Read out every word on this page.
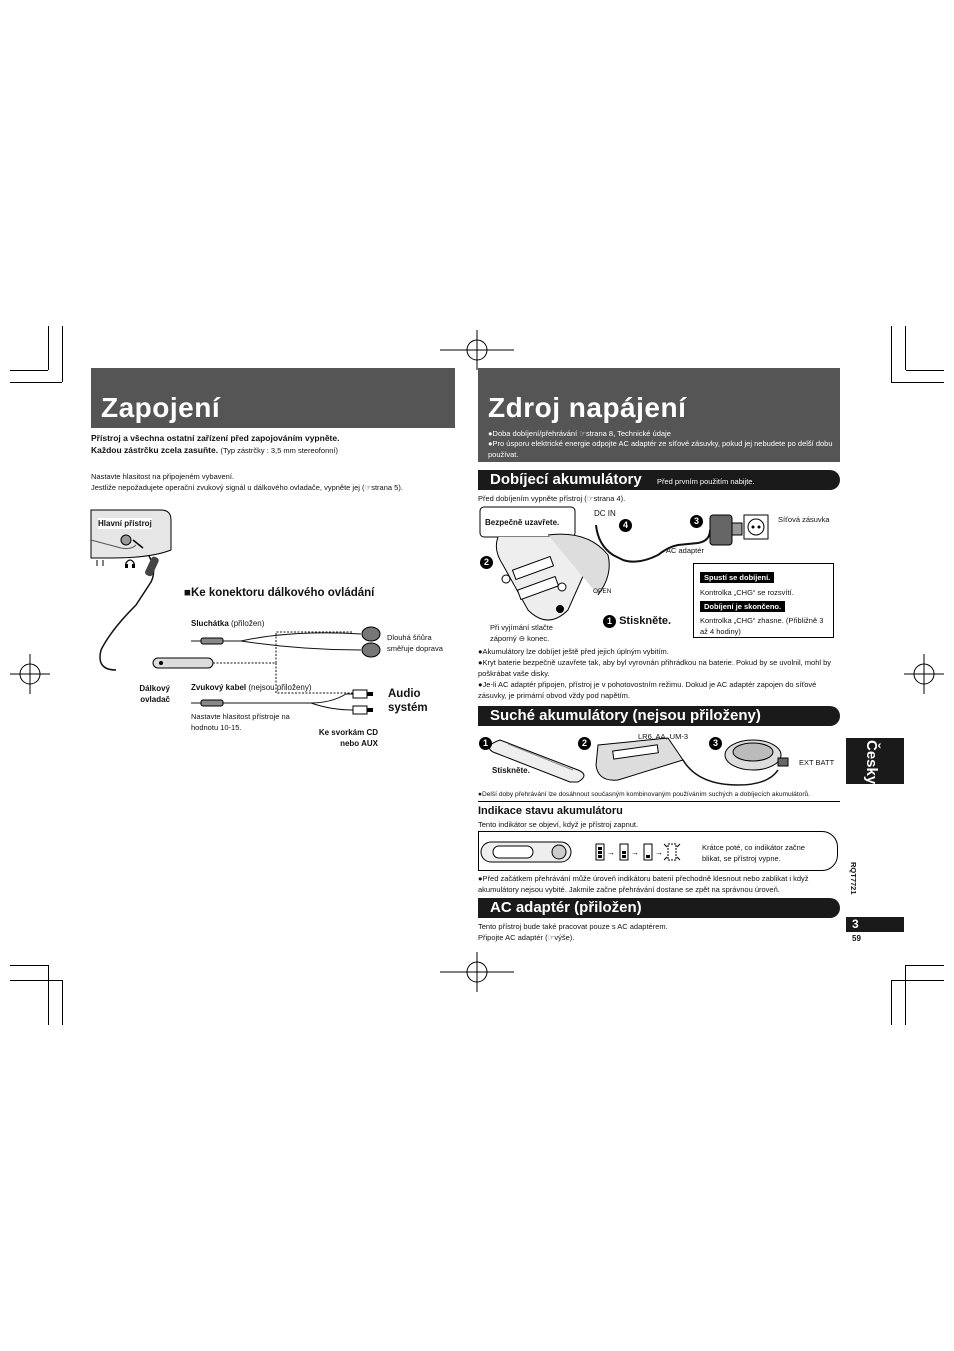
Zapojení
Přístroj a všechna ostatní zařízení před zapojováním vypněte.
Každou zástrčku zcela zasuňte. (Typ zástrčky : 3,5 mm stereofonní)
Nastavte hlasitost na připojeném vybavení.
Jestliže nepožadujete operační zvukový signál u dálkového ovladače, vypněte jej (☞strana 5).
Hlavní přístroj
■Ke konektoru dálkového ovládání
Sluchátka (přiložen)
Dlouhá šňůra směřuje doprava
Dálkový ovladač
Zvukový kabel (nejsou přiloženy)
Nastavte hlasitost přístroje na hodnotu 10-15.
Audio systém
Ke svorkám CD nebo AUX
Zdroj napájení
●Doba dobíjení/přehrávání ☞strana 8, Technické údaje
●Pro úsporu elektrické energie odpojte AC adaptér ze síťové zásuvky, pokud jej nebudete po delší dobu používat.
Dobíjecí akumulátory Před prvním použitím nabijte.
Před dobíjením vypněte přístroj (☞strana 4).
Bezpečně uzavřete.
DC IN
4	3
2
AC adaptér
Síťová zásuvka
OPEN
Při vyjímání stlačte záporný ⊖ konec.
1 Stiskněte.
Spustí se dobíjení.
Kontrolka „CHG“ se rozsvítí.
Dobíjení je skončeno.
Kontrolka „CHG“ zhasne. (Přibližně 3 až 4 hodiny)
●Akumulátory lze dobíjet ještě před jejich úplným vybitím.
●Kryt baterie bezpečně uzavřete tak, aby byl vyrovnán přihrádkou na baterie. Pokud by se uvolnil, mohl by poškrábat vaše disky.
●Je-li AC adaptér připojen, přístroj je v pohotovostním režimu. Dokud je AC adaptér zapojen do síťové zásuvky, je primární obvod vždy pod napětím.
Suché akumulátory (nejsou přiloženy)
1	2	3
LR6, AA, UM-3
Stiskněte.
EXT BATT
●Delší doby přehrávání lze dosáhnout současným kombinovaným používáním suchých a dobíjecích akumulátorů.
Indikace stavu akumulátoru
Tento indikátor se objeví, když je přístroj zapnut.
→ → →
Krátce poté, co indikátor začne blikat, se přístroj vypne.
●Před začátkem přehrávání může úroveň indikátoru baterií přechodně klesnout nebo zablikat i když akumulátory nejsou vybité. Jakmile začne přehrávání dostane se zpět na správnou úroveň.
AC adaptér (přiložen)
Tento přístroj bude také pracovat pouze s AC adaptérem.
Připojte AC adaptér (☞výše).
Česky
RQT7721
3
59
